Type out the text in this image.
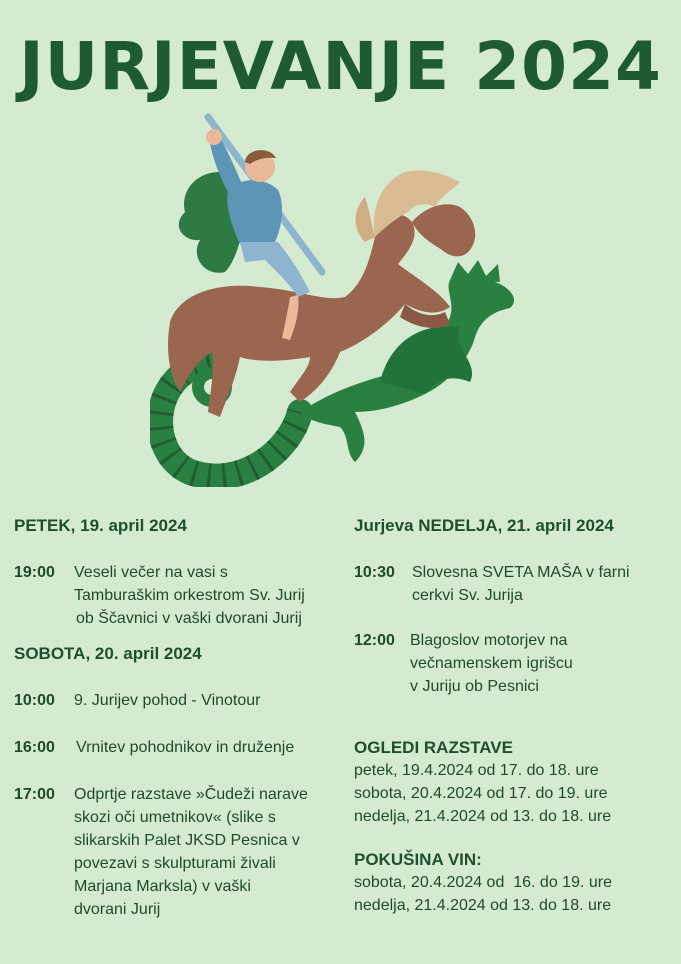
JURJEVANJE 2024
PETEK, 19. april 2024
19:00	Veseli večer na vasi s
Tamburaškim orkestrom Sv. Jurij
ob Ščavnici v vaški dvorani Jurij
SOBOTA, 20. april 2024
10:00	9. Jurijev pohod - Vinotour
16:00	Vrnitev pohodnikov in druženje
17:00	Odprtje razstave »Čudeži narave
skozi oči umetnikov« (slike s
slikarskih Palet JKSD Pesnica v
povezavi s skulpturami živali
Marjana Marksla) v vaški
dvorani Jurij
Jurjeva NEDELJA, 21. april 2024
10:30	Slovesna SVETA MAŠA v farni
cerkvi Sv. Jurija
12:00 Blagoslov motorjev na
večnamenskem igrišcu
v Juriju ob Pesnici
OGLEDI RAZSTAVE
petek, 19.4.2024 od 17. do 18. ure
sobota, 20.4.2024 od 17. do 19. ure
nedelja, 21.4.2024 od 13. do 18. ure
POKUŠINA VIN:
sobota, 20.4.2024 od  16. do 19. ure
nedelja, 21.4.2024 od 13. do 18. ure
